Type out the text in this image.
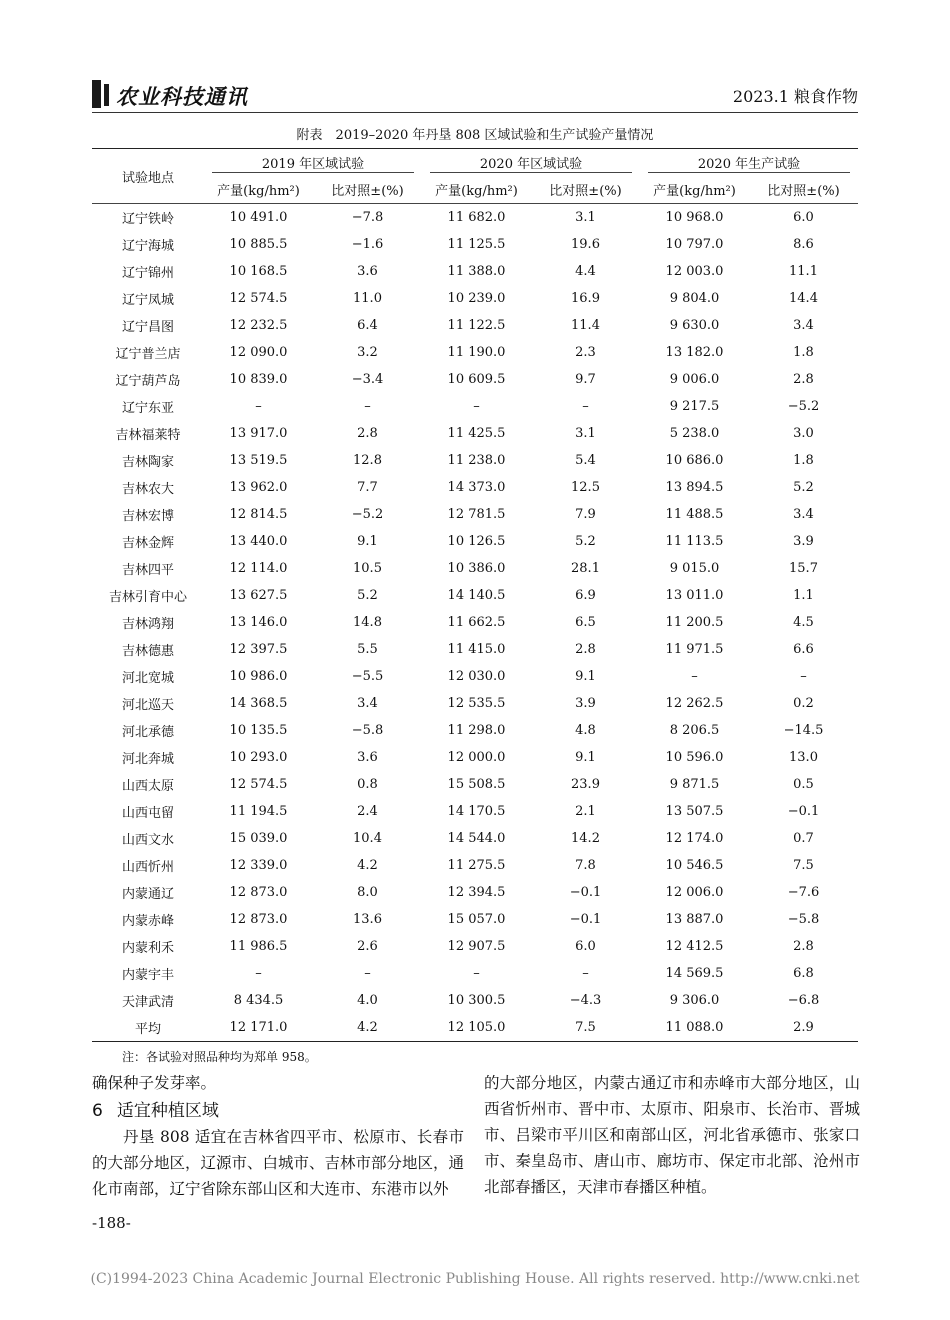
农业科技通讯	2023.1 粮食作物
附表　2019–2020 年丹垦 808 区域试验和生产试验产量情况
试验地点	2019 年区域试验		2020 年区域试验		2020 年生产试验	

	产量(kg/hm²)	比对照±(%)	产量(kg/hm²)	比对照±(%)	产量(kg/hm²)	比对照±(%)
辽宁铁岭	10 491.0	−7.8	11 682.0	3.1	10 968.0	6.0
辽宁海城	10 885.5	−1.6	11 125.5	19.6	10 797.0	8.6
辽宁锦州	10 168.5	3.6	11 388.0	4.4	12 003.0	11.1
辽宁凤城	12 574.5	11.0	10 239.0	16.9	9 804.0	14.4
辽宁昌图	12 232.5	6.4	11 122.5	11.4	9 630.0	3.4
辽宁普兰店	12 090.0	3.2	11 190.0	2.3	13 182.0	1.8
辽宁葫芦岛	10 839.0	−3.4	10 609.5	9.7	9 006.0	2.8
辽宁东亚	–	–	–	–	9 217.5	−5.2
吉林福莱特	13 917.0	2.8	11 425.5	3.1	5 238.0	3.0
吉林陶家	13 519.5	12.8	11 238.0	5.4	10 686.0	1.8
吉林农大	13 962.0	7.7	14 373.0	12.5	13 894.5	5.2
吉林宏博	12 814.5	−5.2	12 781.5	7.9	11 488.5	3.4
吉林金辉	13 440.0	9.1	10 126.5	5.2	11 113.5	3.9
吉林四平	12 114.0	10.5	10 386.0	28.1	9 015.0	15.7
吉林引育中心	13 627.5	5.2	14 140.5	6.9	13 011.0	1.1
吉林鸿翔	13 146.0	14.8	11 662.5	6.5	11 200.5	4.5
吉林德惠	12 397.5	5.5	11 415.0	2.8	11 971.5	6.6
河北宽城	10 986.0	−5.5	12 030.0	9.1	–	–
河北巡天	14 368.5	3.4	12 535.5	3.9	12 262.5	0.2
河北承德	10 135.5	−5.8	11 298.0	4.8	8 206.5	−14.5
河北奔城	10 293.0	3.6	12 000.0	9.1	10 596.0	13.0
山西太原	12 574.5	0.8	15 508.5	23.9	9 871.5	0.5
山西屯留	11 194.5	2.4	14 170.5	2.1	13 507.5	−0.1
山西文水	15 039.0	10.4	14 544.0	14.2	12 174.0	0.7
山西忻州	12 339.0	4.2	11 275.5	7.8	10 546.5	7.5
内蒙通辽	12 873.0	8.0	12 394.5	−0.1	12 006.0	−7.6
内蒙赤峰	12 873.0	13.6	15 057.0	−0.1	13 887.0	−5.8
内蒙利禾	11 986.5	2.6	12 907.5	6.0	12 412.5	2.8
内蒙宇丰	–	–	–	–	14 569.5	6.8
天津武清	8 434.5	4.0	10 300.5	−4.3	9 306.0	−6.8
平均	12 171.0	4.2	12 105.0	7.5	11 088.0	2.9
注：各试验对照品种均为郑单 958。

确保种子发芽率。

6 适宜种植区域

丹垦 808 适宜在吉林省四平市、松原市、长春市的大部分地区，辽源市、白城市、吉林市部分地区，通化市南部，辽宁省除东部山区和大连市、东港市以外

的大部分地区，内蒙古通辽市和赤峰市大部分地区，山西省忻州市、晋中市、太原市、阳泉市、长治市、晋城市、吕梁市平川区和南部山区，河北省承德市、张家口市、秦皇岛市、唐山市、廊坊市、保定市北部、沧州市北部春播区，天津市春播区种植。

-188-
(C)1994-2023 China Academic Journal Electronic Publishing House. All rights reserved. http://www.cnki.net
